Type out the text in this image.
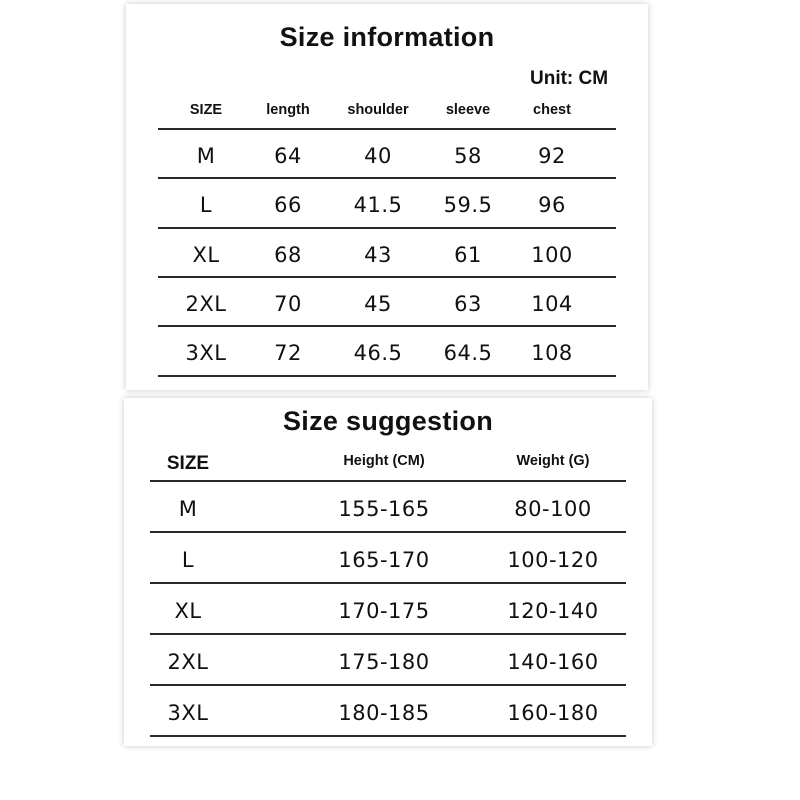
Size information
Unit: CM
SIZE	length	shoulder	sleeve	chest
M	64	40	58	92
L	66	41.5	59.5	96
XL	68	43	61	100
2XL	70	45	63	104
3XL	72	46.5	64.5	108
Size suggestion
SIZE	Height (CM)	Weight (G)
M	155-165	80-100
L	165-170	100-120
XL	170-175	120-140
2XL	175-180	140-160
3XL	180-185	160-180
